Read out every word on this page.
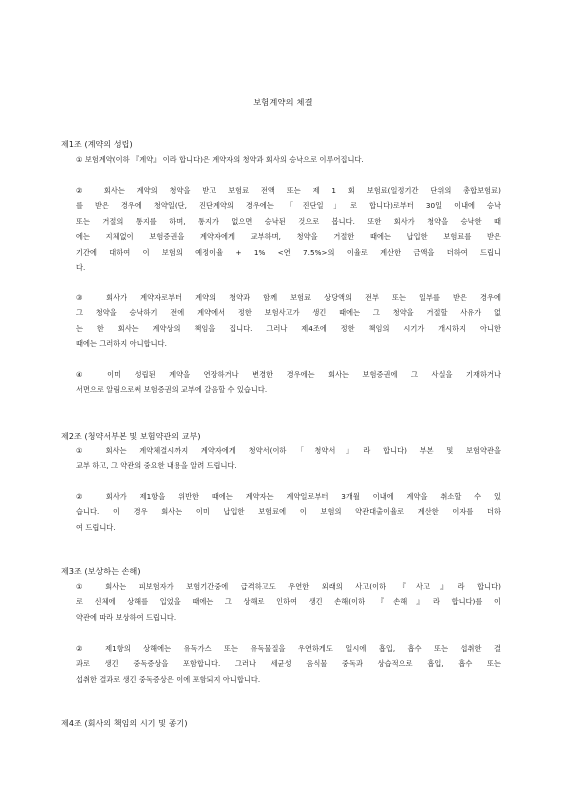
보험계약의 체결
제1조 (계약의 성립)
① 보험계약(이하 『계약』 이라 합니다)은 계약자의 청약과 회사의 승낙으로 이루어집니다.
② 회사는 계약의 청약을 받고 보험료 전액 또는 제 1 회 보험료(일정기간 단위의 총합보험료)
를 받은 경우에 청약일(단, 진단계약의 경우에는 「진단일」로 합니다)로부터 30일 이내에 승낙
또는 거절의 통지를 하며, 통지가 없으면 승낙된 것으로 봅니다. 또한 회사가 청약을 승낙한 때
에는 지체없이 보험증권을 계약자에게 교부하며, 청약을 거절한 때에는 납입한 보험료를 받은
기간에 대하여 이 보험의 예정이율 + 1% <연 7.5%>의 이율로 계산한 금액을 더하여 드립니
다.
③ 회사가 계약자로부터 계약의 청약과 함께 보험료 상당액의 전부 또는 일부를 받은 경우에
그 청약을 승낙하기 전에 계약에서 정한 보험사고가 생긴 때에는 그 청약을 거절할 사유가 없
는 한 회사는 계약상의 책임을 집니다. 그러나 제4조에 정한 책임의 시기가 개시하지 아니한
때에는 그러하지 아니합니다.
④ 이미 성립된 계약을 연장하거나 변경한 경우에는 회사는 보험증권에 그 사실을 기재하거나
서면으로 알림으로써 보험증권의 교부에 갈음할 수 있습니다.
제2조 (청약서부본 및 보험약관의 교부)
① 회사는 계약체결시까지 계약자에게 청약서(이하「청약서」라 합니다) 부본 및 보험약관을
교부 하고, 그 약관의 중요한 내용을 알려 드립니다.
② 회사가 제1항을 위반한 때에는 계약자는 계약일로부터 3개월 이내에 계약을 취소할 수 있
습니다. 이 경우 회사는 이미 납입한 보험료에 이 보험의 약관대출이율로 계산한 이자를 더하
여 드립니다.
제3조 (보상하는 손해)
① 회사는 피보험자가 보험기간중에 급격하고도 우연한 외래의 사고(이하 『사고』라 합니다)
로 신체에 상해를 입었을 때에는 그 상해로 인하여 생긴 손해(이하 『손해』라 합니다)를 이
약관에 따라 보상하여 드립니다.
② 제1항의 상해에는 유독가스 또는 유독물질을 우연하게도 일시에 흡입, 흡수 또는 섭취한 결
과로 생긴 중독증상을 포함합니다. 그러나 세균성 음식물 중독과 상습적으로 흡입, 흡수 또는
섭취한 결과로 생긴 중독증상은 이에 포함되지 아니합니다.
제4조 (회사의 책임의 시기 및 종기)
